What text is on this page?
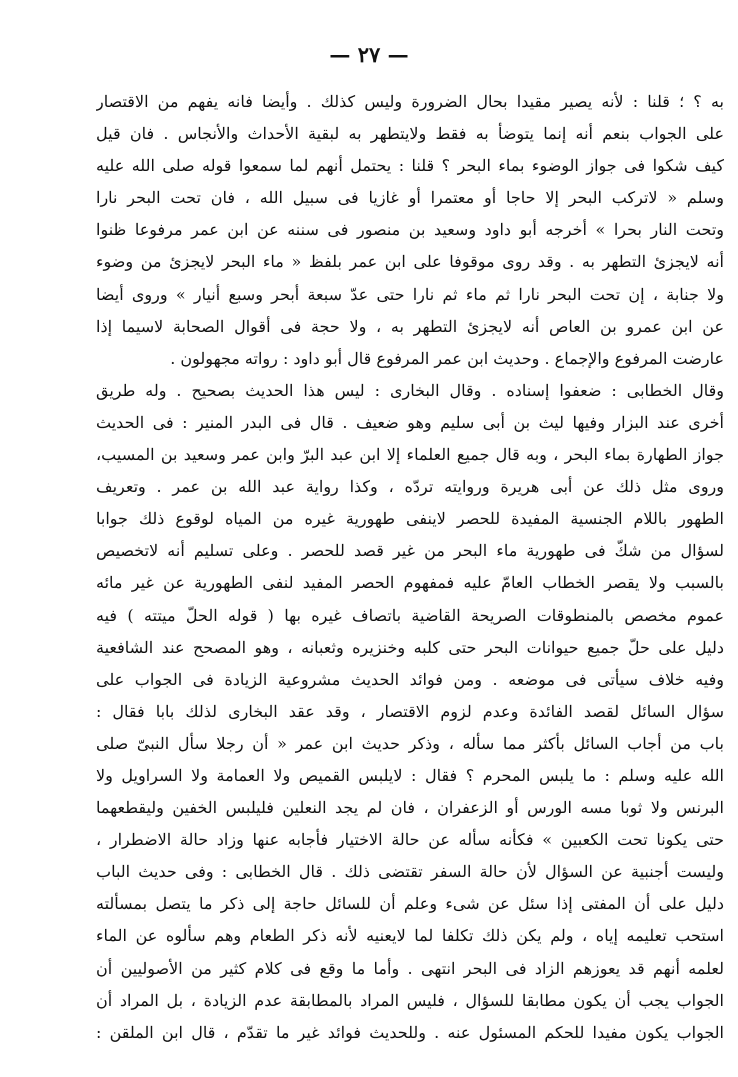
— ٢٧ —
به ؟ ؛ قلنا : لأنه يصير مقيدا بحال الضرورة وليس كذلك . وأيضا فانه يفهم من الاقتصار
على الجواب بنعم أنه إنما يتوضأ به فقط ولايتطهر به لبقية الأحداث والأنجاس . فان قيل
كيف شكوا فى جواز الوضوء بماء البحر ؟ قلنا : يحتمل أنهم لما سمعوا قوله صلى الله عليه
وسلم « لاتركب البحر إلا حاجا أو معتمرا أو غازيا فى سبيل الله ، فان تحت البحر نارا
وتحت النار بحرا » أخرجه أبو داود وسعيد بن منصور فى سننه عن ابن عمر مرفوعا ظنوا
أنه لايجزئ التطهر به . وقد روى موقوفا على ابن عمر بلفظ « ماء البحر لايجزئ من وضوء
ولا جنابة ، إن تحت البحر نارا ثم ماء ثم نارا حتى عدّ سبعة أبحر وسبع أنيار » وروى أيضا
عن ابن عمرو بن العاص أنه لايجزئ التطهر به ، ولا حجة فى أقوال الصحابة لاسيما إذا
عارضت المرفوع والإجماع . وحديث ابن عمر المرفوع قال أبو داود : رواته مجهولون .
وقال الخطابى : ضعفوا إسناده . وقال البخارى : ليس هذا الحديث بصحيح . وله طريق
أخرى عند البزار وفيها ليث بن أبى سليم وهو ضعيف . قال فى البدر المنير : فى الحديث
جواز الطهارة بماء البحر ، وبه قال جميع العلماء إلا ابن عبد البرّ وابن عمر وسعيد بن المسيب،
وروى مثل ذلك عن أبى هريرة وروايته تردّه ، وكذا رواية عبد الله بن عمر . وتعريف
الطهور باللام الجنسية المفيدة للحصر لاينفى طهورية غيره من المياه لوقوع ذلك جوابا
لسؤال من شكّ فى طهورية ماء البحر من غير قصد للحصر . وعلى تسليم أنه لاتخصيص
بالسبب ولا يقصر الخطاب العامّ عليه فمفهوم الحصر المفيد لنفى الطهورية عن غير مائه
عموم مخصص بالمنطوقات الصريحة القاضية باتصاف غيره بها ( قوله الحلّ ميتته ) فيه
دليل على حلّ جميع حيوانات البحر حتى كلبه وخنزيره وثعبانه ، وهو المصحح عند الشافعية
وفيه خلاف سيأتى فى موضعه . ومن فوائد الحديث مشروعية الزيادة فى الجواب على
سؤال السائل لقصد الفائدة وعدم لزوم الاقتصار ، وقد عقد البخارى لذلك بابا فقال :
باب من أجاب السائل بأكثر مما سأله ، وذكر حديث ابن عمر « أن رجلا سأل النبىّ صلى
الله عليه وسلم : ما يلبس المحرم ؟ فقال : لايلبس القميص ولا العمامة ولا السراويل ولا
البرنس ولا ثوبا مسه الورس أو الزعفران ، فان لم يجد النعلين فليلبس الخفين وليقطعهما
حتى يكونا تحت الكعبين » فكأنه سأله عن حالة الاختيار فأجابه عنها وزاد حالة الاضطرار ،
وليست أجنبية عن السؤال لأن حالة السفر تقتضى ذلك . قال الخطابى : وفى حديث الباب
دليل على أن المفتى إذا سئل عن شىء وعلم أن للسائل حاجة إلى ذكر ما يتصل بمسألته
استحب تعليمه إياه ، ولم يكن ذلك تكلفا لما لايعنيه لأنه ذكر الطعام وهم سألوه عن الماء
لعلمه أنهم قد يعوزهم الزاد فى البحر انتهى . وأما ما وقع فى كلام كثير من الأصوليين أن
الجواب يجب أن يكون مطابقا للسؤال ، فليس المراد بالمطابقة عدم الزيادة ، بل المراد أن
الجواب يكون مفيدا للحكم المسئول عنه . وللحديث فوائد غير ما تقدّم ، قال ابن الملقن :
